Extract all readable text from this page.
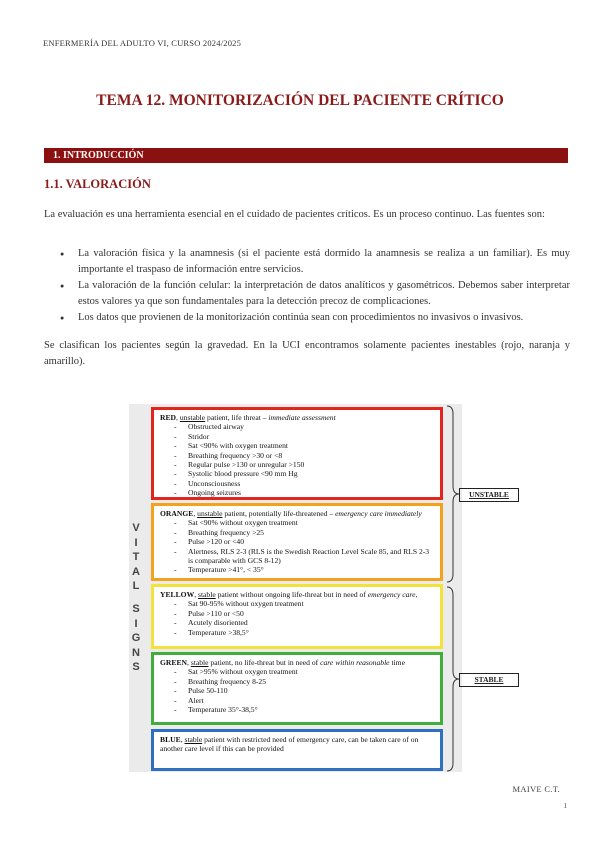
ENFERMERÍA DEL ADULTO VI, CURSO 2024/2025
TEMA 12. MONITORIZACIÓN DEL PACIENTE CRÍTICO
1. INTRODUCCIÓN
1.1. VALORACIÓN
La evaluación es una herramienta esencial en el cuidado de pacientes críticos. Es un proceso continuo. Las fuentes son:
● La valoración física y la anamnesis (si el paciente está dormido la anamnesis se realiza a un familiar). Es muy importante el traspaso de información entre servicios.
● La valoración de la función celular: la interpretación de datos analíticos y gasométricos. Debemos saber interpretar estos valores ya que son fundamentales para la detección precoz de complicaciones.
● Los datos que provienen de la monitorización continúa sean con procedimientos no invasivos o invasivos.
Se clasifican los pacientes según la gravedad. En la UCI encontramos solamente pacientes inestables (rojo, naranja y amarillo).
V
I
T
A
L
S
I
G
N
S

RED, unstable patient, life threat – immediate assessment

- Obstructed airway
- Stridor
- Sat <90% with oxygen treatment
- Breathing frequency >30 or <8
- Regular pulse >130 or unregular >150
- Systolic blood pressure <90 mm Hg
- Unconsciousness
- Ongoing seizures

ORANGE, unstable patient, potentially life-threatened – emergency care immediately

- Sat <90% without oxygen treatment
- Breathing frequency >25
- Pulse >120 or <40
- Alertness, RLS 2-3 (RLS is the Swedish Reaction Level Scale 85, and RLS 2-3 is comparable with GCS 8-12)
- Temperature >41°, < 35°

YELLOW, stable patient without ongoing life-threat but in need of emergency care,

- Sat 90-95% without oxygen treatment
- Pulse >110 or <50
- Acutely disoriented
- Temperature >38,5°

GREEN, stable patient, no life-threat but in need of care within reasonable time

- Sat >95% without oxygen treatment
- Breathing frequency 8-25
- Pulse 50-110
- Alert
- Temperature 35°-38,5°

BLUE, stable patient with restricted need of emergency care, can be taken care of on another care level if this can be provided

UNSTABLE
STABLE
MAIVE C.T.
1
